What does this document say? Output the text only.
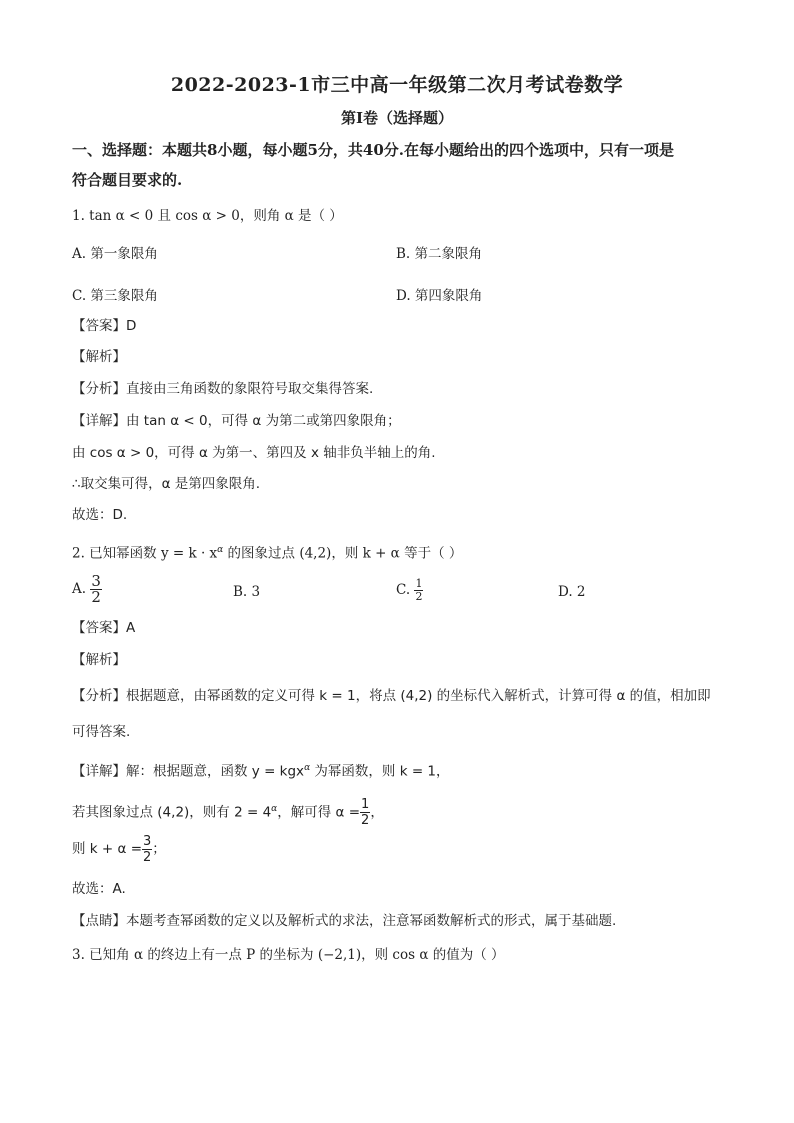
2022-2023-1市三中高一年级第二次月考试卷数学
第I卷（选择题）
一、选择题：本题共8小题，每小题5分，共40分.在每小题给出的四个选项中，只有一项是
符合题目要求的.
1. tan α < 0 且 cos α > 0，则角 α 是（ ）
A. 第一象限角	B. 第二象限角
C. 第三象限角	D. 第四象限角
【答案】D
【解析】
【分析】直接由三角函数的象限符号取交集得答案.
【详解】由 tan α < 0，可得 α 为第二或第四象限角；
由 cos α > 0，可得 α 为第一、第四及 x 轴非负半轴上的角.
∴取交集可得，α 是第四象限角.
故选：D.
2. 已知幂函数 $y = k \cdot x^\alpha$ 的图象过点 (4,2)，则 k + α 等于（ ）
A. $\frac{3}{2}$	B. 3	C. $\frac{1}{2}$	D. 2
【答案】A
【解析】
【分析】根据题意，由幂函数的定义可得 k = 1，将点 (4,2) 的坐标代入解析式，计算可得 α 的值，相加即
可得答案.
【详解】解：根据题意，函数 y = kgx$^\alpha$ 为幂函数，则 k = 1，
若其图象过点 (4,2)，则有 $2 = 4^\alpha$，解可得 $\alpha = \frac{1}{2}$ ，
则 $k + \alpha = \frac{3}{2}$ ；
故选：A.
【点睛】本题考查幂函数的定义以及解析式的求法，注意幂函数解析式的形式，属于基础题.
3. 已知角 α 的终边上有一点 P 的坐标为 (−2,1)，则 cos α 的值为（ ）
